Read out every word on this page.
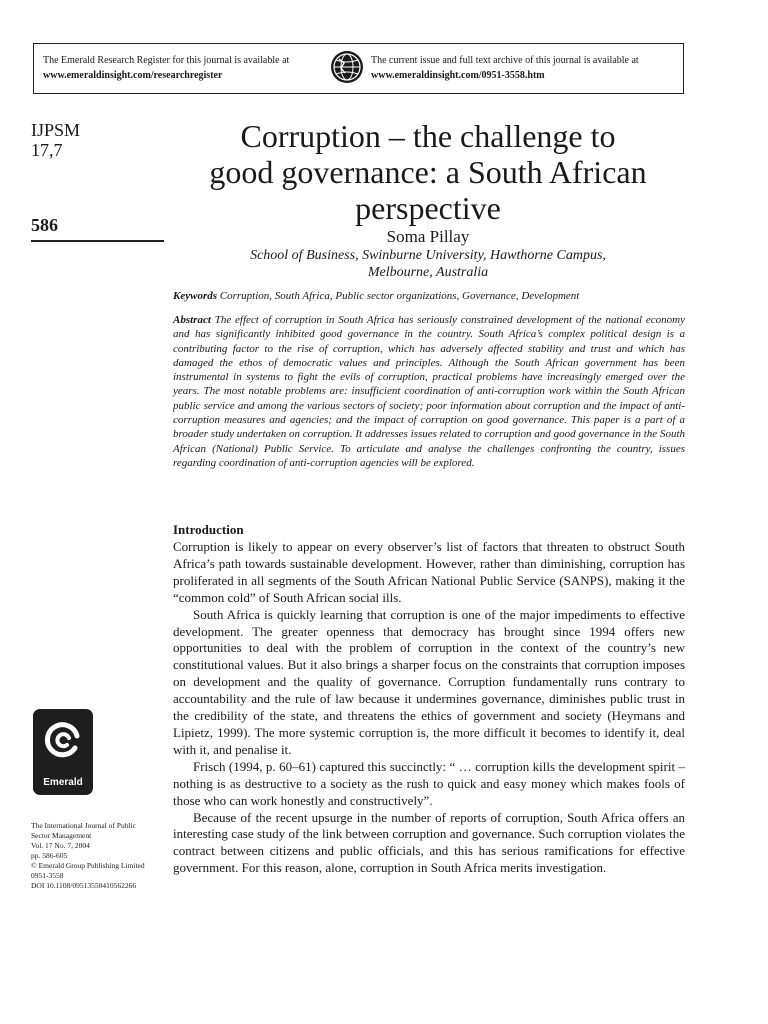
The Emerald Research Register for this journal is available at
www.emeraldinsight.com/researchregister
The current issue and full text archive of this journal is available at
www.emeraldinsight.com/0951-3558.htm
IJPSM
17,7
586
Corruption – the challenge to
good governance: a South African
perspective
Soma Pillay
School of Business, Swinburne University, Hawthorne Campus,
Melbourne, Australia
Keywords Corruption, South Africa, Public sector organizations, Governance, Development

Abstract The effect of corruption in South Africa has seriously constrained development of the national economy and has significantly inhibited good governance in the country. South Africa’s complex political design is a contributing factor to the rise of corruption, which has adversely affected stability and trust and which has damaged the ethos of democratic values and principles. Although the South African government has been instrumental in systems to fight the evils of corruption, practical problems have increasingly emerged over the years. The most notable problems are: insufficient coordination of anti-corruption work within the South African public service and among the various sectors of society; poor information about corruption and the impact of anti-corruption measures and agencies; and the impact of corruption on good governance. This paper is a part of a broader study undertaken on corruption. It addresses issues related to corruption and good governance in the South African (National) Public Service. To articulate and analyse the challenges confronting the country, issues regarding coordination of anti-corruption agencies will be explored.

Introduction

Corruption is likely to appear on every observer’s list of factors that threaten to obstruct South Africa’s path towards sustainable development. However, rather than diminishing, corruption has proliferated in all segments of the South African National Public Service (SANPS), making it the “common cold” of South African social ills.

South Africa is quickly learning that corruption is one of the major impediments to effective development. The greater openness that democracy has brought since 1994 offers new opportunities to deal with the problem of corruption in the context of the country’s new constitutional values. But it also brings a sharper focus on the constraints that corruption imposes on development and the quality of governance. Corruption fundamentally runs contrary to accountability and the rule of law because it undermines governance, diminishes public trust in the credibility of the state, and threatens the ethics of government and society (Heymans and Lipietz, 1999). The more systemic corruption is, the more difficult it becomes to identify it, deal with it, and penalise it.

Frisch (1994, p. 60–61) captured this succinctly: “ … corruption kills the development spirit – nothing is as destructive to a society as the rush to quick and easy money which makes fools of those who can work honestly and constructively”.

Because of the recent upsurge in the number of reports of corruption, South Africa offers an interesting case study of the link between corruption and governance. Such corruption violates the contract between citizens and public officials, and this has serious ramifications for effective government. For this reason, alone, corruption in South Africa merits investigation.

Emerald
The International Journal of Public
Sector Management
Vol. 17 No. 7, 2004
pp. 586-605
© Emerald Group Publishing Limited
0951-3558
DOI 10.1108/09513550410562266
